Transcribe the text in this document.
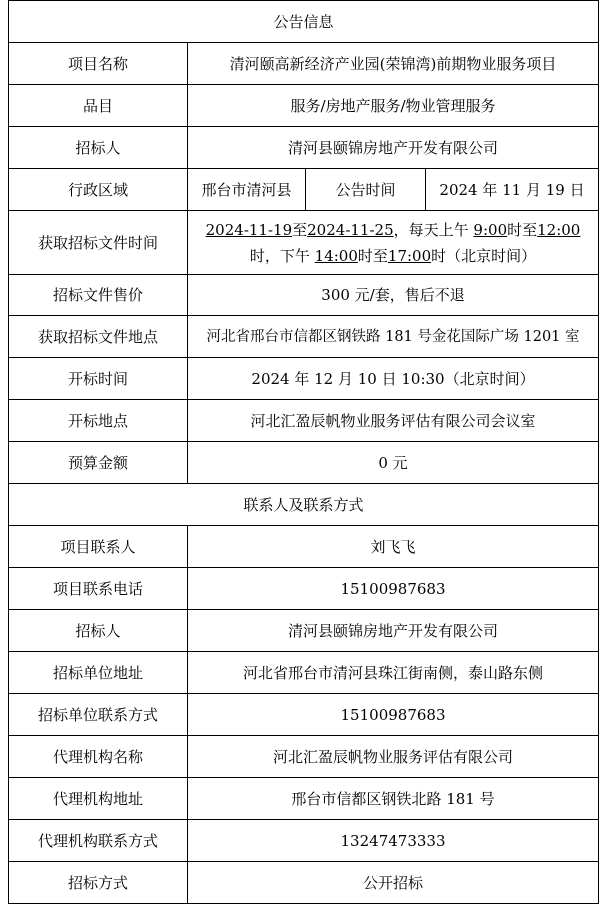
公告信息			
项目名称	清河颐高新经济产业园(荣锦湾)前期物业服务项目		
品目	服务/房地产服务/物业管理服务		
招标人	清河县颐锦房地产开发有限公司		
行政区域	邢台市清河县	公告时间	2024 年 11 月 19 日
获取招标文件时间	2024-11-19至2024-11-25，每天上午 9:00时至12:00时，下午 14:00时至17:00时（北京时间）		
招标文件售价	300 元/套，售后不退		
获取招标文件地点	河北省邢台市信都区钢铁路 181 号金花国际广场 1201 室		
开标时间	2024 年 12 月 10 日 10:30（北京时间）		
开标地点	河北汇盈辰帆物业服务评估有限公司会议室		
预算金额	0 元		
联系人及联系方式			
项目联系人	刘飞飞		
项目联系电话	15100987683		
招标人	清河县颐锦房地产开发有限公司		
招标单位地址	河北省邢台市清河县珠江街南侧，泰山路东侧		
招标单位联系方式	15100987683		
代理机构名称	河北汇盈辰帆物业服务评估有限公司		
代理机构地址	邢台市信都区钢铁北路 181 号		
代理机构联系方式	13247473333		
招标方式	公开招标		
